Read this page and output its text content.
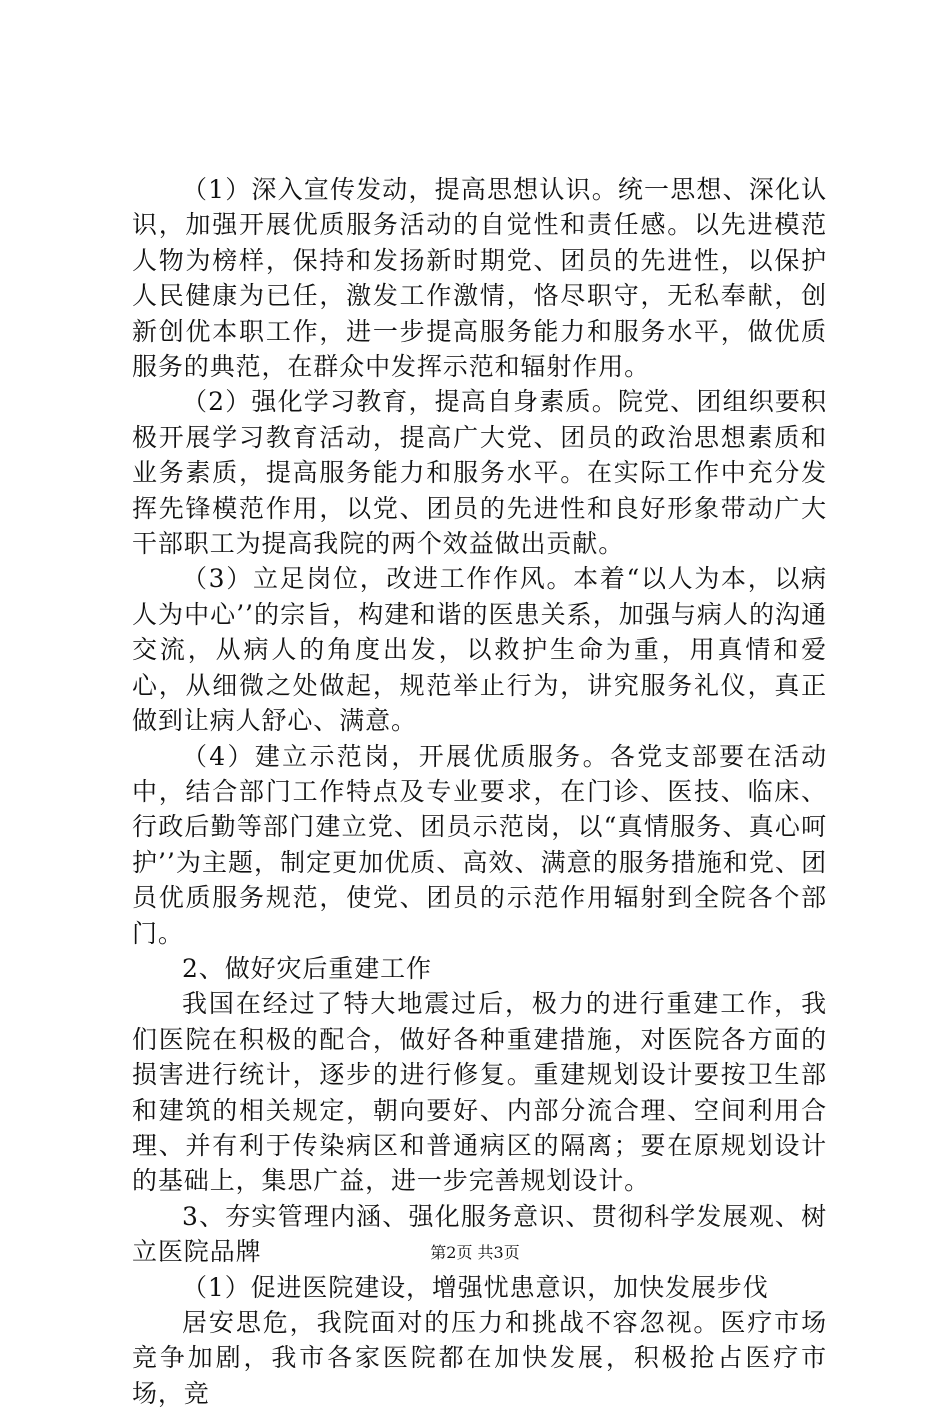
（1）深入宣传发动，提高思想认识。统一思想、深化认识，加强开展优质服务活动的自觉性和责任感。以先进模范人物为榜样，保持和发扬新时期党、团员的先进性，以保护人民健康为已任，激发工作激情，恪尽职守，无私奉献，创新创优本职工作，进一步提高服务能力和服务水平，做优质服务的典范，在群众中发挥示范和辐射作用。

（2）强化学习教育，提高自身素质。院党、团组织要积极开展学习教育活动，提高广大党、团员的政治思想素质和业务素质，提高服务能力和服务水平。在实际工作中充分发挥先锋模范作用，以党、团员的先进性和良好形象带动广大干部职工为提高我院的两个效益做出贡献。

（3）立足岗位，改进工作作风。本着“以人为本，以病人为中心’’的宗旨，构建和谐的医患关系，加强与病人的沟通交流，从病人的角度出发，以救护生命为重，用真情和爱心，从细微之处做起，规范举止行为，讲究服务礼仪，真正做到让病人舒心、满意。

（4）建立示范岗，开展优质服务。各党支部要在活动中，结合部门工作特点及专业要求，在门诊、医技、临床、行政后勤等部门建立党、团员示范岗，以“真情服务、真心呵护’’为主题，制定更加优质、高效、满意的服务措施和党、团员优质服务规范，使党、团员的示范作用辐射到全院各个部门。

2、做好灾后重建工作

我国在经过了特大地震过后，极力的进行重建工作，我们医院在积极的配合，做好各种重建措施，对医院各方面的损害进行统计，逐步的进行修复。重建规划设计要按卫生部和建筑的相关规定，朝向要好、内部分流合理、空间利用合理、并有利于传染病区和普通病区的隔离；要在原规划设计的基础上，集思广益，进一步完善规划设计。

3、夯实管理内涵、强化服务意识、贯彻科学发展观、树立医院品牌

（1）促进医院建设，增强忧患意识，加快发展步伐

居安思危，我院面对的压力和挑战不容忽视。医疗市场竞争加剧，我市各家医院都在加快发展，积极抢占医疗市场，竞

第2页 共3页
